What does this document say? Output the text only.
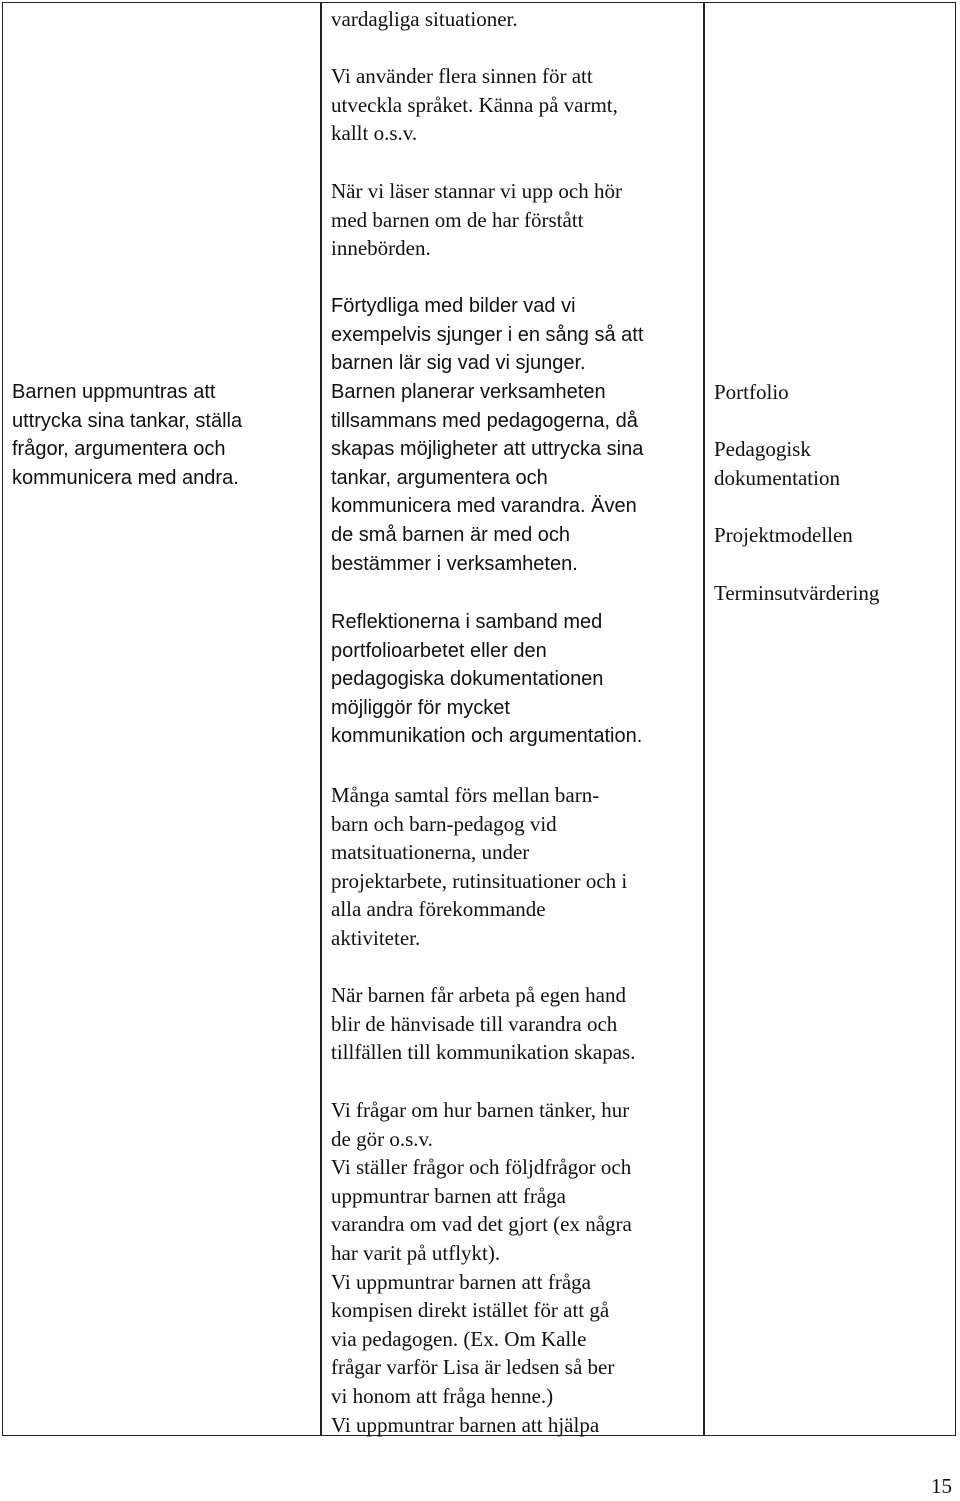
Barnen uppmuntras att
uttrycka sina tankar, ställa
frågor, argumentera och
kommunicera med andra.

vardagliga situationer.

Vi använder flera sinnen för att
utveckla språket. Känna på varmt,
kallt o.s.v.

När vi läser stannar vi upp och hör
med barnen om de har förstått
innebörden.

Förtydliga med bilder vad vi
exempelvis sjunger i en sång så att
barnen lär sig vad vi sjunger.

Barnen planerar verksamheten
tillsammans med pedagogerna, då
skapas möjligheter att uttrycka sina
tankar, argumentera och
kommunicera med varandra. Även
de små barnen är med och
bestämmer i verksamheten.

Reflektionerna i samband med
portfolioarbetet eller den
pedagogiska dokumentationen
möjliggör för mycket
kommunikation och argumentation.

Många samtal förs mellan barn-
barn och barn-pedagog vid
matsituationerna, under
projektarbete, rutinsituationer och i
alla andra förekommande
aktiviteter.

När barnen får arbeta på egen hand
blir de hänvisade till varandra och
tillfällen till kommunikation skapas.

Vi frågar om hur barnen tänker, hur
de gör o.s.v.
Vi ställer frågor och följdfrågor och
uppmuntrar barnen att fråga
varandra om vad det gjort (ex några
har varit på utflykt).
Vi uppmuntrar barnen att fråga
kompisen direkt istället för att gå
via pedagogen. (Ex. Om Kalle
frågar varför Lisa är ledsen så ber
vi honom att fråga henne.)
Vi uppmuntrar barnen att hjälpa

Portfolio

Pedagogisk
dokumentation

Projektmodellen

Terminsutvärdering

15
